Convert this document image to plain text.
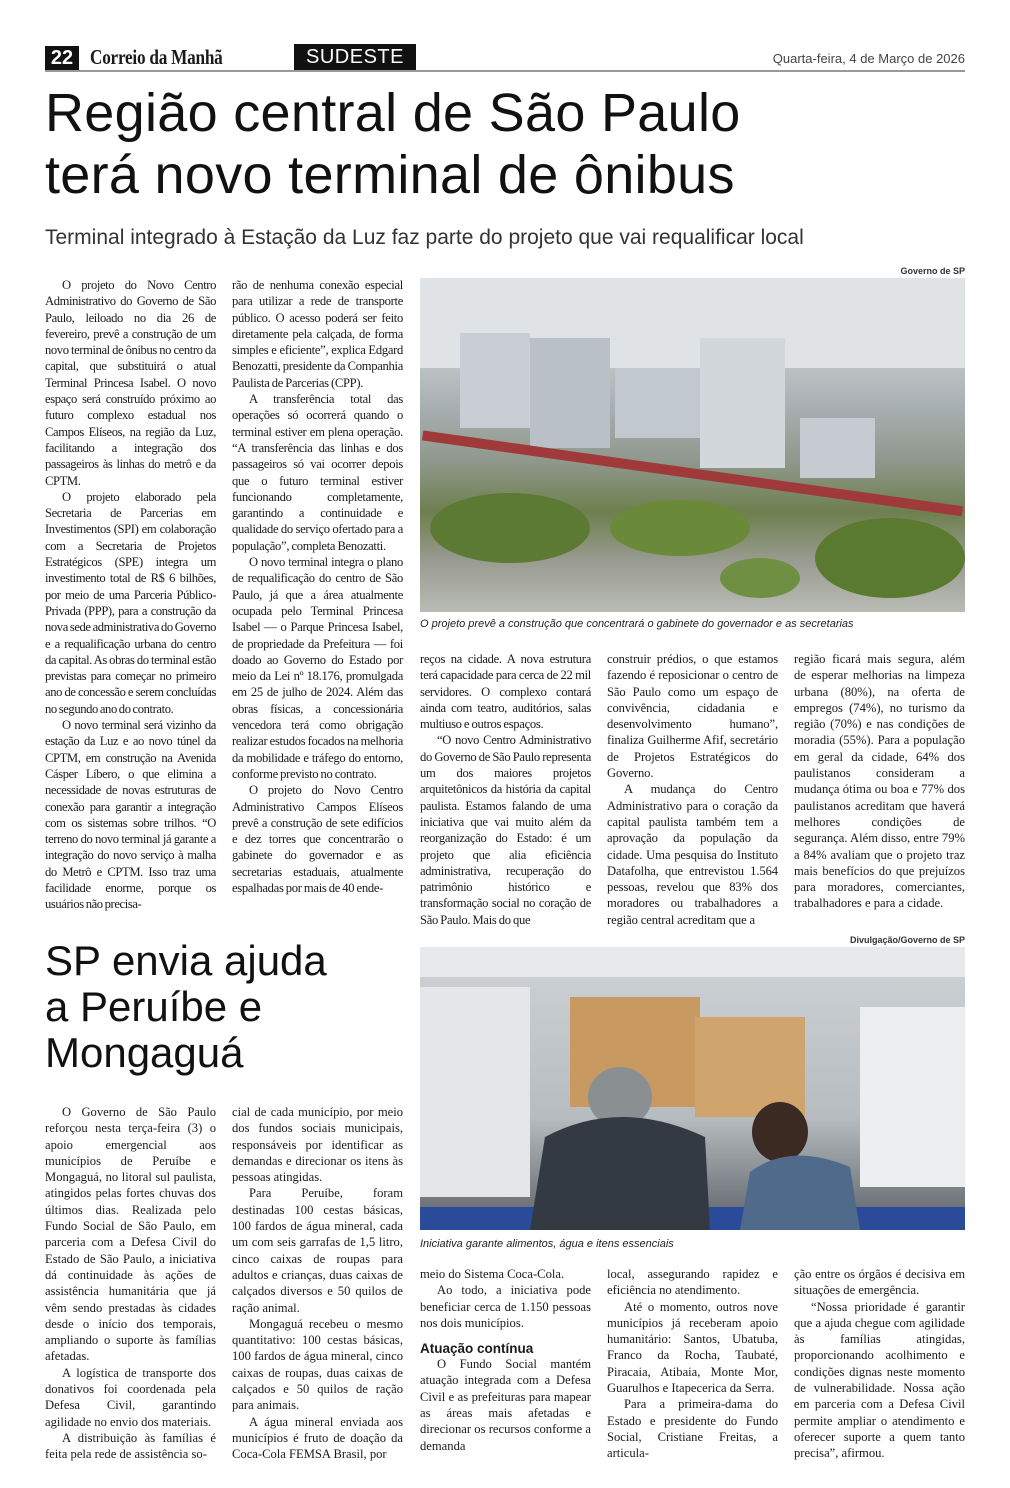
22 Correio da Manhã	SUDESTE	Quarta-feira, 4 de Março de 2026
Região central de São Paulo
terá novo terminal de ônibus
Terminal integrado à Estação da Luz faz parte do projeto que vai requalificar local
Governo de SP
O projeto prevê a construção que concentrará o gabinete do governador e as secretarias

O projeto do Novo Centro Administrativo do Governo de São Paulo, leiloado no dia 26 de fevereiro, prevê a construção de um novo terminal de ônibus no centro da capital, que substituirá o atual Terminal Princesa Isabel. O novo espaço será construído próximo ao futuro complexo estadual nos Campos Elíseos, na região da Luz, facilitando a integração dos passageiros às linhas do metrô e da CPTM.

O projeto elaborado pela Secretaria de Parcerias em Investimentos (SPI) em colaboração com a Secretaria de Projetos Estratégicos (SPE) integra um investimento total de R$ 6 bilhões, por meio de uma Parceria Público-Privada (PPP), para a construção da nova sede administrativa do Governo e a requalificação urbana do centro da capital. As obras do terminal estão previstas para começar no primeiro ano de concessão e serem concluídas no segundo ano do contrato.

O novo terminal será vizinho da estação da Luz e ao novo túnel da CPTM, em construção na Avenida Cásper Líbero, o que elimina a necessidade de novas estruturas de conexão para garantir a integração com os sistemas sobre trilhos. “O terreno do novo terminal já garante a integração do novo serviço à malha do Metrô e CPTM. Isso traz uma facilidade enorme, porque os usuários não precisa-

rão de nenhuma conexão especial para utilizar a rede de transporte público. O acesso poderá ser feito diretamente pela calçada, de forma simples e eficiente”, explica Edgard Benozatti, presidente da Companhia Paulista de Parcerias (CPP).

A transferência total das operações só ocorrerá quando o terminal estiver em plena operação. “A transferência das linhas e dos passageiros só vai ocorrer depois que o futuro terminal estiver funcionando completamente, garantindo a continuidade e qualidade do serviço ofertado para a população”, completa Benozatti.

O novo terminal integra o plano de requalificação do centro de São Paulo, já que a área atualmente ocupada pelo Terminal Princesa Isabel — o Parque Princesa Isabel, de propriedade da Prefeitura — foi doado ao Governo do Estado por meio da Lei nº 18.176, promulgada em 25 de julho de 2024. Além das obras físicas, a concessionária vencedora terá como obrigação realizar estudos focados na melhoria da mobilidade e tráfego do entorno, conforme previsto no contrato.

O projeto do Novo Centro Administrativo Campos Elíseos prevê a construção de sete edifícios e dez torres que concentrarão o gabinete do governador e as secretarias estaduais, atualmente espalhadas por mais de 40 ende-

reços na cidade. A nova estrutura terá capacidade para cerca de 22 mil servidores. O complexo contará ainda com teatro, auditórios, salas multiuso e outros espaços.

“O novo Centro Administrativo do Governo de São Paulo representa um dos maiores projetos arquitetônicos da história da capital paulista. Estamos falando de uma iniciativa que vai muito além da reorganização do Estado: é um projeto que alia eficiência administrativa, recuperação do patrimônio histórico e transformação social no coração de São Paulo. Mais do que

construir prédios, o que estamos fazendo é reposicionar o centro de São Paulo como um espaço de convivência, cidadania e desenvolvimento humano”, finaliza Guilherme Afif, secretário de Projetos Estratégicos do Governo.

A mudança do Centro Administrativo para o coração da capital paulista também tem a aprovação da população da cidade. Uma pesquisa do Instituto Datafolha, que entrevistou 1.564 pessoas, revelou que 83% dos moradores ou trabalhadores a região central acreditam que a

região ficará mais segura, além de esperar melhorias na limpeza urbana (80%), na oferta de empregos (74%), no turismo da região (70%) e nas condições de moradia (55%). Para a população em geral da cidade, 64% dos paulistanos consideram a mudança ótima ou boa e 77% dos paulistanos acreditam que haverá melhores condições de segurança. Além disso, entre 79% a 84% avaliam que o projeto traz mais benefícios do que prejuízos para moradores, comerciantes, trabalhadores e para a cidade.

SP envia ajuda
a Peruíbe e
Mongaguá
Divulgação/Governo de SP
Iniciativa garante alimentos, água e itens essenciais

O Governo de São Paulo reforçou nesta terça-feira (3) o apoio emergencial aos municípios de Peruíbe e Mongaguá, no litoral sul paulista, atingidos pelas fortes chuvas dos últimos dias. Realizada pelo Fundo Social de São Paulo, em parceria com a Defesa Civil do Estado de São Paulo, a iniciativa dá continuidade às ações de assistência humanitária que já vêm sendo prestadas às cidades desde o início dos temporais, ampliando o suporte às famílias afetadas.

A logística de transporte dos donativos foi coordenada pela Defesa Civil, garantindo agilidade no envio dos materiais.

A distribuição às famílias é feita pela rede de assistência so-

cial de cada município, por meio dos fundos sociais municipais, responsáveis por identificar as demandas e direcionar os itens às pessoas atingidas.

Para Peruíbe, foram destinadas 100 cestas básicas, 100 fardos de água mineral, cada um com seis garrafas de 1,5 litro, cinco caixas de roupas para adultos e crianças, duas caixas de calçados diversos e 50 quilos de ração animal.

Mongaguá recebeu o mesmo quantitativo: 100 cestas básicas, 100 fardos de água mineral, cinco caixas de roupas, duas caixas de calçados e 50 quilos de ração para animais.

A água mineral enviada aos municípios é fruto de doação da Coca-Cola FEMSA Brasil, por

meio do Sistema Coca-Cola.

Ao todo, a iniciativa pode beneficiar cerca de 1.150 pessoas nos dois municípios.

Atuação contínua

O Fundo Social mantém atuação integrada com a Defesa Civil e as prefeituras para mapear as áreas mais afetadas e direcionar os recursos conforme a demanda

local, assegurando rapidez e eficiência no atendimento.

Até o momento, outros nove municípios já receberam apoio humanitário: Santos, Ubatuba, Franco da Rocha, Taubaté, Piracaia, Atibaia, Monte Mor, Guarulhos e Itapecerica da Serra.

Para a primeira-dama do Estado e presidente do Fundo Social, Cristiane Freitas, a articula-

ção entre os órgãos é decisiva em situações de emergência.

“Nossa prioridade é garantir que a ajuda chegue com agilidade às famílias atingidas, proporcionando acolhimento e condições dignas neste momento de vulnerabilidade. Nossa ação em parceria com a Defesa Civil permite ampliar o atendimento e oferecer suporte a quem tanto precisa”, afirmou.
